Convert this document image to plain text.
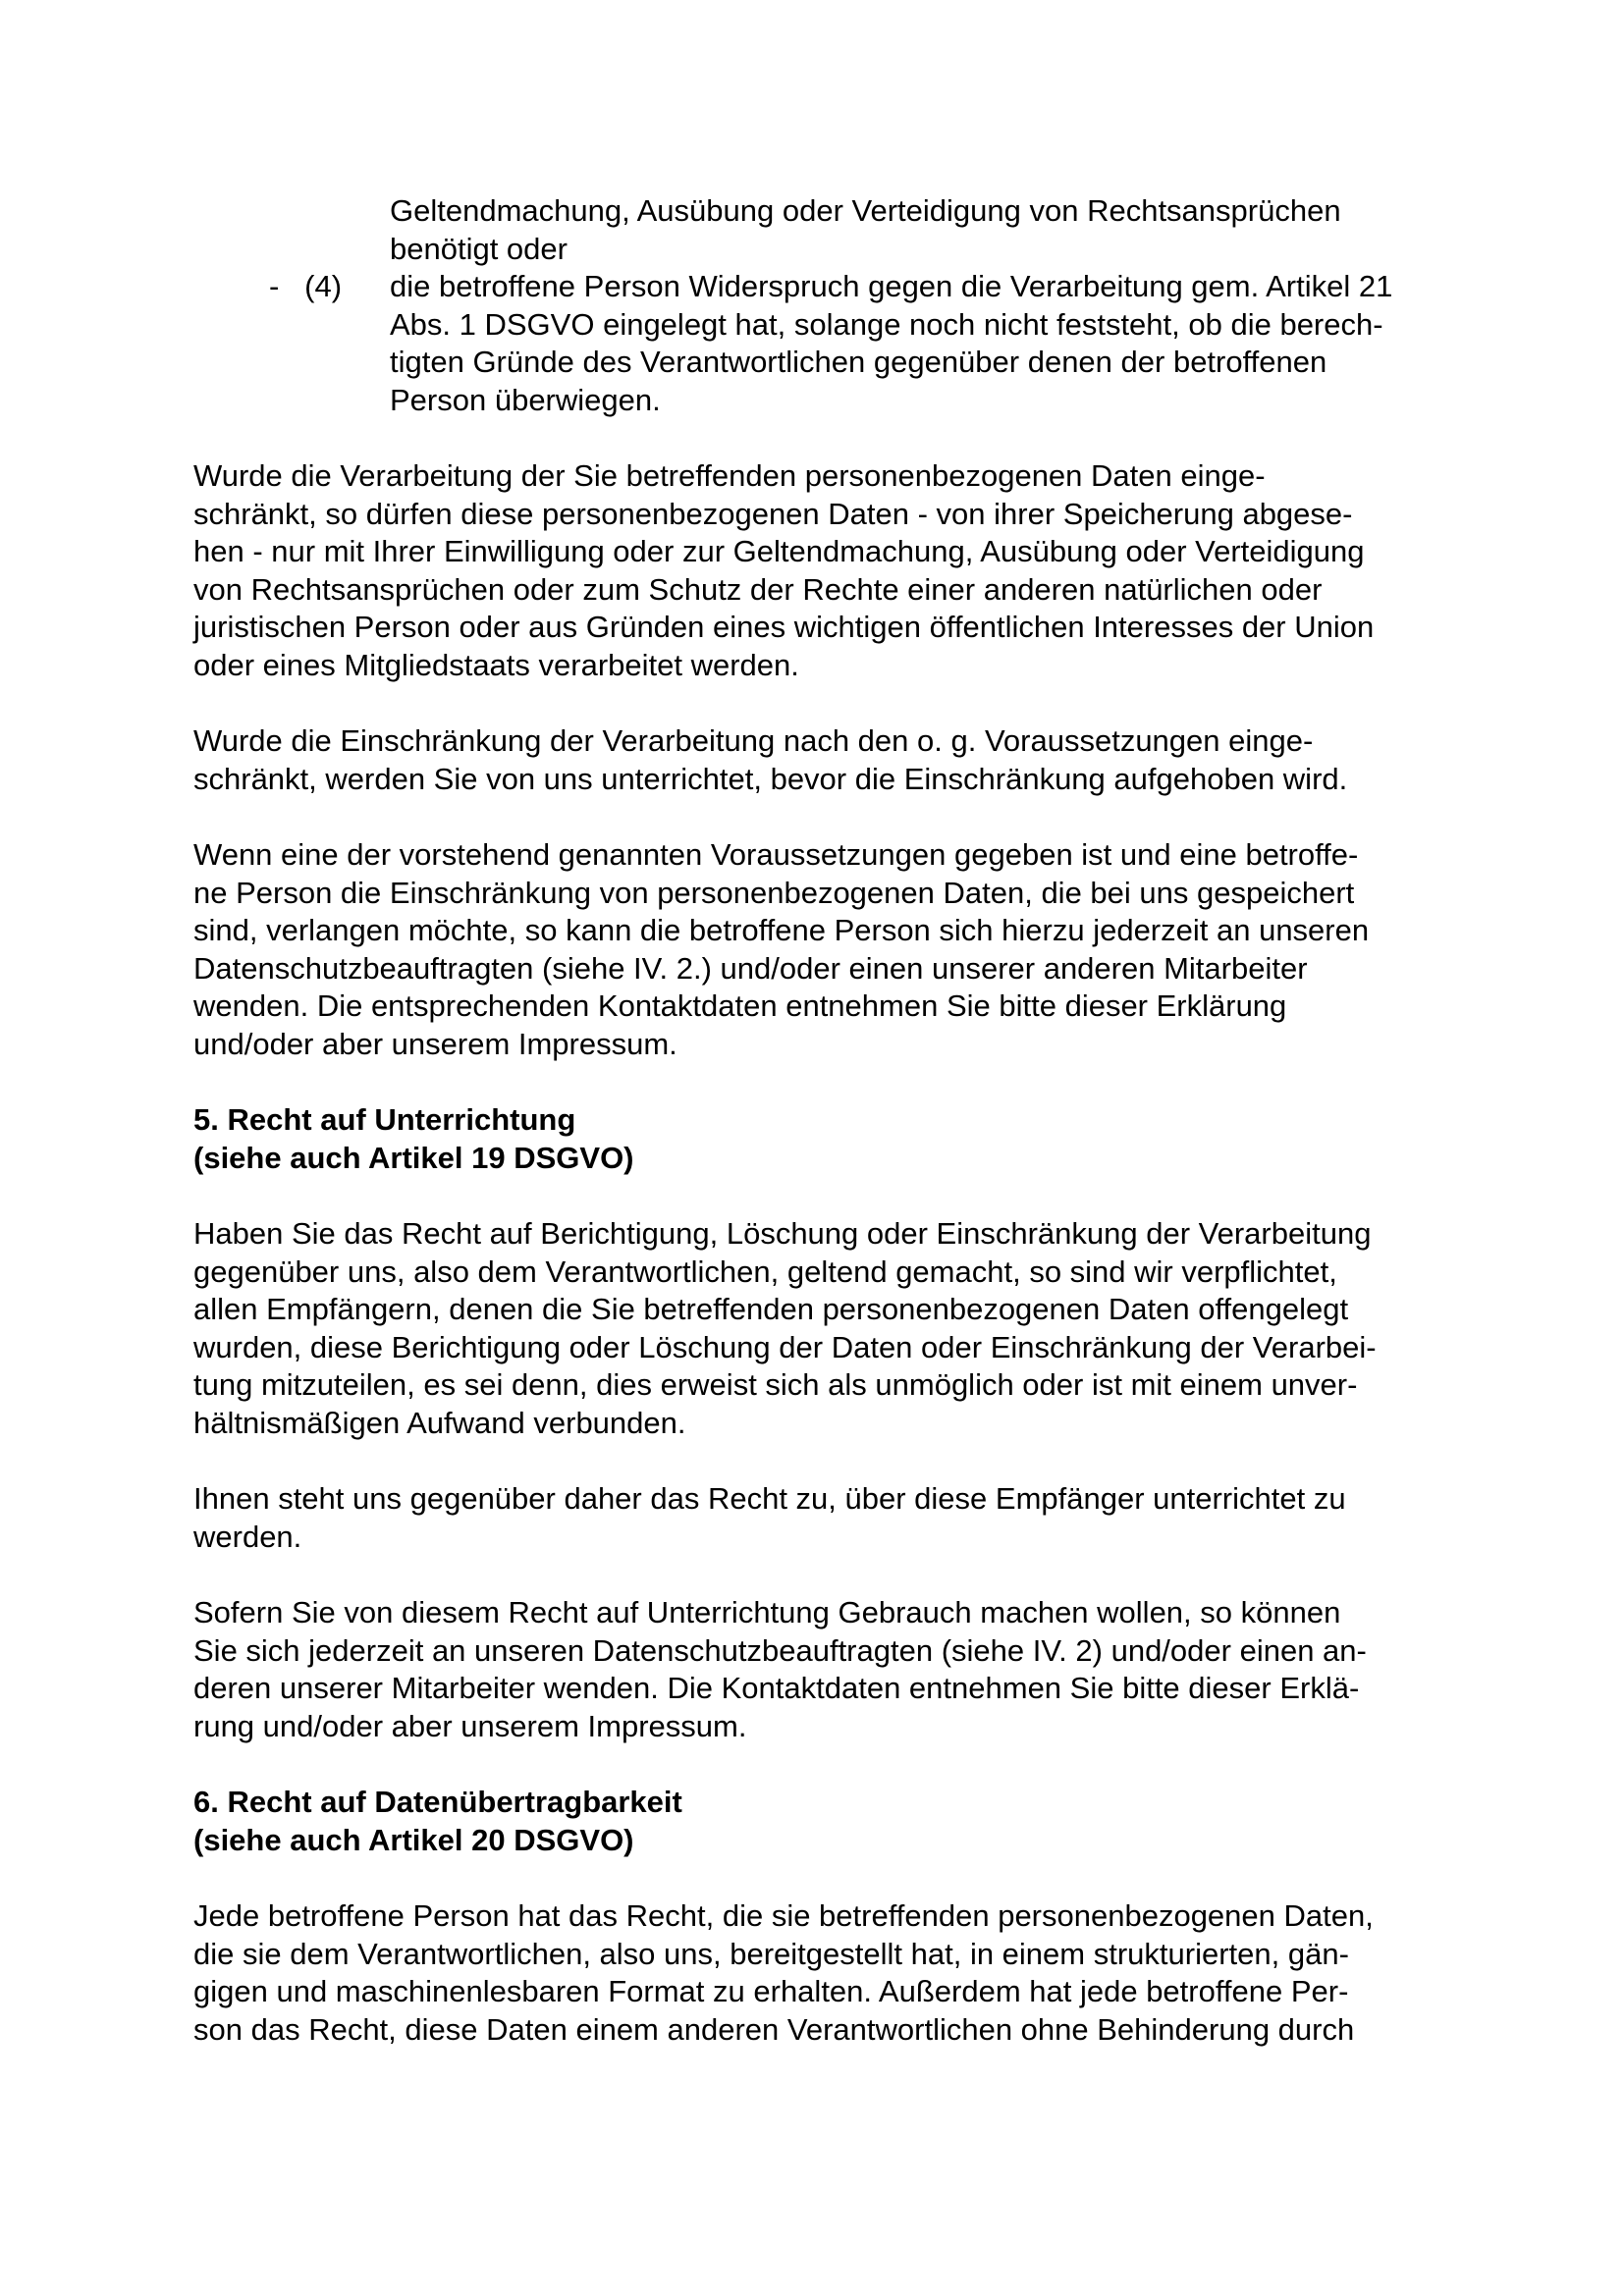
Geltendmachung, Ausübung oder Verteidigung von Rechtsansprüchen
benötigt oder
-   (4) die betroffene Person Widerspruch gegen die Verarbeitung gem. Artikel 21
Abs. 1 DSGVO eingelegt hat, solange noch nicht feststeht, ob die berech-
tigten Gründe des Verantwortlichen gegenüber denen der betroffenen
Person überwiegen.
Wurde die Verarbeitung der Sie betreffenden personenbezogenen Daten einge-
schränkt, so dürfen diese personenbezogenen Daten - von ihrer Speicherung abgese-
hen - nur mit Ihrer Einwilligung oder zur Geltendmachung, Ausübung oder Verteidigung
von Rechtsansprüchen oder zum Schutz der Rechte einer anderen natürlichen oder
juristischen Person oder aus Gründen eines wichtigen öffentlichen Interesses der Union
oder eines Mitgliedstaats verarbeitet werden.
Wurde die Einschränkung der Verarbeitung nach den o. g. Voraussetzungen einge-
schränkt, werden Sie von uns unterrichtet, bevor die Einschränkung aufgehoben wird.
Wenn eine der vorstehend genannten Voraussetzungen gegeben ist und eine betroffe-
ne Person die Einschränkung von personenbezogenen Daten, die bei uns gespeichert
sind, verlangen möchte, so kann die betroffene Person sich hierzu jederzeit an unseren
Datenschutzbeauftragten (siehe IV. 2.) und/oder einen unserer anderen Mitarbeiter
wenden. Die entsprechenden Kontaktdaten entnehmen Sie bitte dieser Erklärung
und/oder aber unserem Impressum.
5. Recht auf Unterrichtung
(siehe auch Artikel 19 DSGVO)
Haben Sie das Recht auf Berichtigung, Löschung oder Einschränkung der Verarbeitung
gegenüber uns, also dem Verantwortlichen, geltend gemacht, so sind wir verpflichtet,
allen Empfängern, denen die Sie betreffenden personenbezogenen Daten offengelegt
wurden, diese Berichtigung oder Löschung der Daten oder Einschränkung der Verarbei-
tung mitzuteilen, es sei denn, dies erweist sich als unmöglich oder ist mit einem unver-
hältnismäßigen Aufwand verbunden.
Ihnen steht uns gegenüber daher das Recht zu, über diese Empfänger unterrichtet zu
werden.
Sofern Sie von diesem Recht auf Unterrichtung Gebrauch machen wollen, so können
Sie sich jederzeit an unseren Datenschutzbeauftragten (siehe IV. 2) und/oder einen an-
deren unserer Mitarbeiter wenden. Die Kontaktdaten entnehmen Sie bitte dieser Erklä-
rung und/oder aber unserem Impressum.
6. Recht auf Datenübertragbarkeit
(siehe auch Artikel 20 DSGVO)
Jede betroffene Person hat das Recht, die sie betreffenden personenbezogenen Daten,
die sie dem Verantwortlichen, also uns, bereitgestellt hat, in einem strukturierten, gän-
gigen und maschinenlesbaren Format zu erhalten. Außerdem hat jede betroffene Per-
son das Recht, diese Daten einem anderen Verantwortlichen ohne Behinderung durch
